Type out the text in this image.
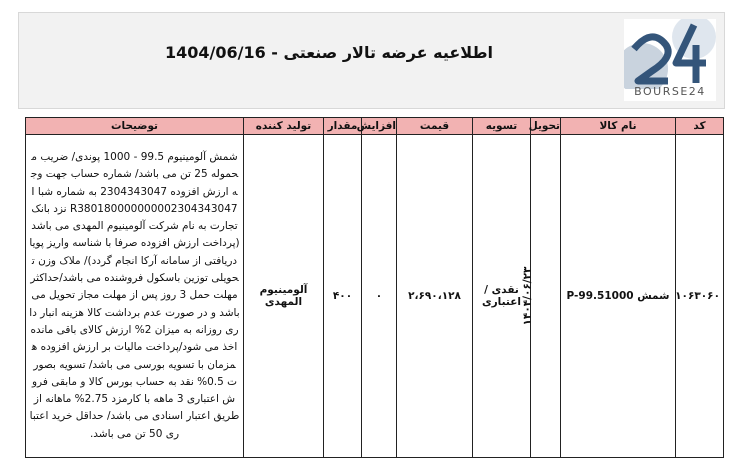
اطلاعیه عرضه تالار صنعتی - 1404/06/16
BOURSE24
کد	نام کالا	تحویل	تسویه	قیمت	افزایش	مقدار	تولید کننده	توضیحات
۱۰۶۳۰۶۰	P-99.5شمش 1000	۱۴۰۴/۰۶/۲۳	نقدی / اعتباری	۲،۶۹۰،۱۲۸	۰	۴۰۰	آلومینیوم المهدی	شمش آلومینیوم 99.5 - 1000 پوندی/ ضریب محموله 25 تن می باشد/ شماره حساب جهت وجه ارزش افزوده 2304343047 به شماره شبا IR380180000000002304343047 نزد بانک تجارت به نام شرکت آلومینیوم المهدی می باشد (پرداخت ارزش افزوده صرفا با شناسه واریز پویا دریافتی از سامانه آرکا انجام گردد)/ ملاک وزن تحویلی توزین باسکول فروشنده می باشد/حداکثر مهلت حمل 3 روز پس از مهلت مجاز تحویل می باشد و در صورت عدم برداشت کالا هزینه انبار داری روزانه به میزان 2% ارزش کالای باقی مانده اخذ می شود/پرداخت مالیات بر ارزش افزوده همزمان با تسویه بورسی می باشد/ تسویه بصورت 0.5% نقد به حساب بورس کالا و مابقی فروش اعتباری 3 ماهه با کارمزد 2.75% ماهانه از طریق اعتبار اسنادی می باشد/ حداقل خرید اعتباری 50 تن می باشد.
